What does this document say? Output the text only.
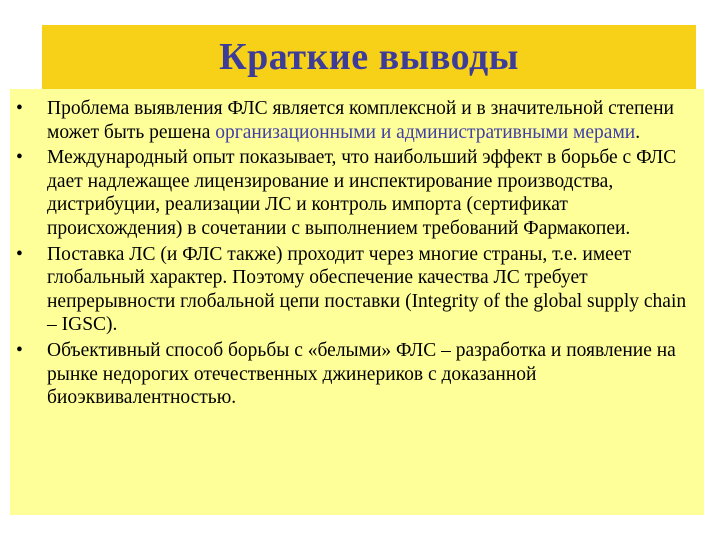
Краткие выводы
• Проблема выявления ФЛС является комплексной и в значительной степени может быть решена организационными и административными мерами.
• Международный опыт показывает, что наибольший эффект в борьбе с ФЛС дает надлежащее лицензирование и инспектирование производства, дистрибуции, реализации ЛС и контроль импорта (сертификат происхождения) в сочетании с выполнением требований Фармакопеи.
• Поставка ЛС (и ФЛС также) проходит через многие страны, т.е. имеет глобальный характер. Поэтому обеспечение качества ЛС требует непрерывности глобальной цепи поставки (Integrity of the global supply chain – IGSC).
• Объективный способ борьбы с «белыми» ФЛС – разработка и появление на рынке недорогих отечественных джинериков с доказанной биоэквивалентностью.
